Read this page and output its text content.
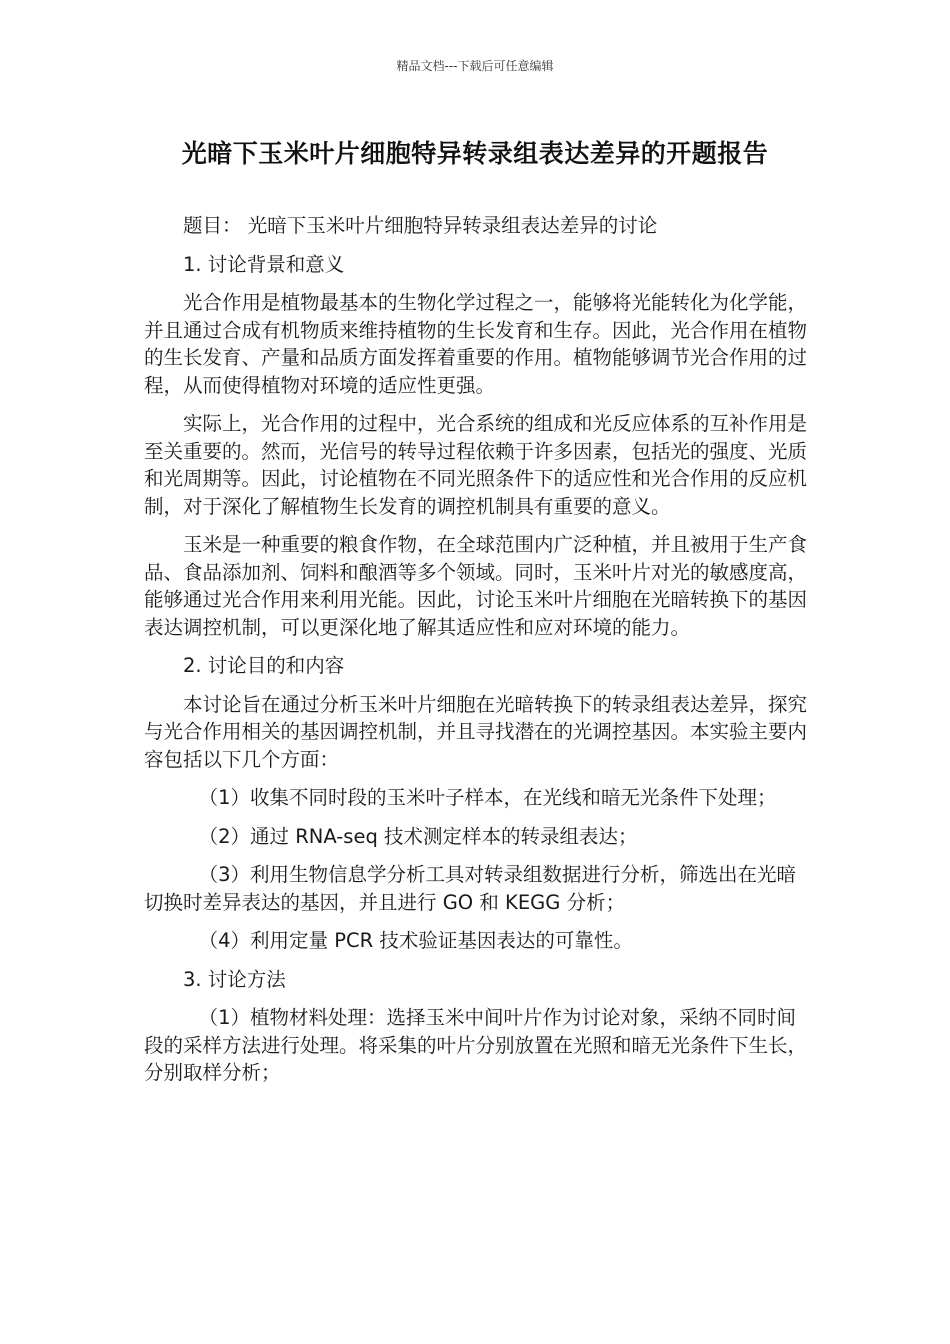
精品文档---下载后可任意编辑
光暗下玉米叶片细胞特异转录组表达差异的开题报告

题目： 光暗下玉米叶片细胞特异转录组表达差异的讨论

1. 讨论背景和意义

光合作用是植物最基本的生物化学过程之一，能够将光能转化为化学能，并且通过合成有机物质来维持植物的生长发育和生存。因此，光合作用在植物的生长发育、产量和品质方面发挥着重要的作用。植物能够调节光合作用的过程，从而使得植物对环境的适应性更强。

实际上，光合作用的过程中，光合系统的组成和光反应体系的互补作用是至关重要的。然而，光信号的转导过程依赖于许多因素，包括光的强度、光质和光周期等。因此，讨论植物在不同光照条件下的适应性和光合作用的反应机制，对于深化了解植物生长发育的调控机制具有重要的意义。

玉米是一种重要的粮食作物，在全球范围内广泛种植，并且被用于生产食品、食品添加剂、饲料和酿酒等多个领域。同时，玉米叶片对光的敏感度高，能够通过光合作用来利用光能。因此，讨论玉米叶片细胞在光暗转换下的基因表达调控机制，可以更深化地了解其适应性和应对环境的能力。

2. 讨论目的和内容

本讨论旨在通过分析玉米叶片细胞在光暗转换下的转录组表达差异，探究与光合作用相关的基因调控机制，并且寻找潜在的光调控基因。本实验主要内容包括以下几个方面：

（1）收集不同时段的玉米叶子样本，在光线和暗无光条件下处理；

（2）通过 RNA-seq 技术测定样本的转录组表达；

（3）利用生物信息学分析工具对转录组数据进行分析，筛选出在光暗切换时差异表达的基因，并且进行 GO 和 KEGG 分析；

（4）利用定量 PCR 技术验证基因表达的可靠性。

3. 讨论方法

（1）植物材料处理：选择玉米中间叶片作为讨论对象，采纳不同时间段的采样方法进行处理。将采集的叶片分别放置在光照和暗无光条件下生长，分别取样分析；
